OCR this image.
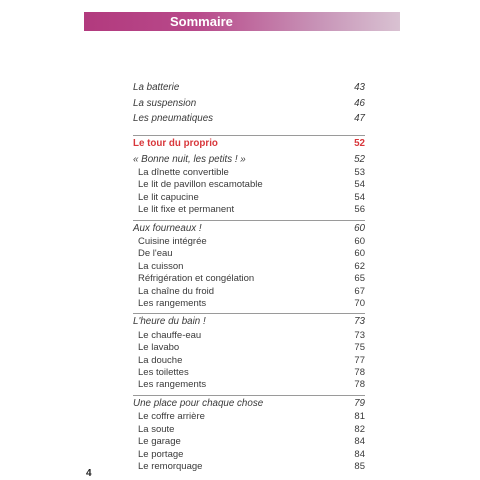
Sommaire
La batterie	43
La suspension	46
Les pneumatiques	47
Le tour du proprio	52
« Bonne nuit, les petits ! »	52
La dînette convertible	53
Le lit de pavillon escamotable	54
Le lit capucine	54
Le lit fixe et permanent	56
Aux fourneaux !	60
Cuisine intégrée	60
De l'eau	60
La cuisson	62
Réfrigération et congélation	65
La chaîne du froid	67
Les rangements	70
L'heure du bain !	73
Le chauffe-eau	73
Le lavabo	75
La douche	77
Les toilettes	78
Les rangements	78
Une place pour chaque chose	79
Le coffre arrière	81
La soute	82
Le garage	84
Le portage	84
Le remorquage	85
4
